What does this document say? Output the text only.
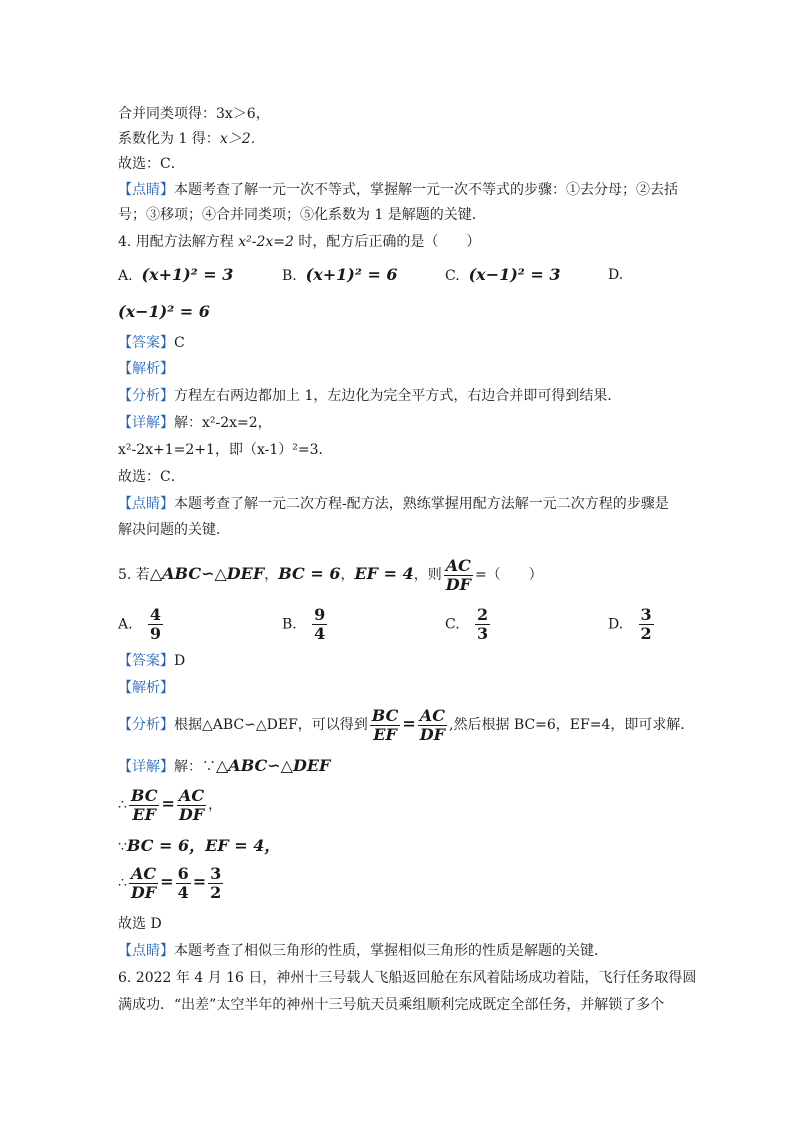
合并同类项得：3x＞6，
系数化为 1 得：x＞2．
故选：C．
【点睛】本题考查了解一元一次不等式，掌握解一元一次不等式的步骤：①去分母；②去括
号；③移项；④合并同类项；⑤化系数为 1 是解题的关键．
4. 用配方法解方程 x²-2x=2 时，配方后正确的是（　　）
A. (x+1)² = 3	B. (x+1)² = 6	C. (x−1)² = 3	D.
(x−1)² = 6
【答案】C
【解析】
【分析】方程左右两边都加上 1，左边化为完全平方式，右边合并即可得到结果．
【详解】解：x²-2x=2，
x²-2x+1=2+1，即（x-1）²=3．
故选：C．
【点睛】本题考查了解一元二次方程-配方法，熟练掌握用配方法解一元二次方程的步骤是
解决问题的关键．
5. 若△ABC∽△DEF，BC = 6，EF = 4，则 $\frac{AC}{DF}$ =（　　）
A. $\frac{4}{9}$	B. $\frac{9}{4}$	C. $\frac{2}{3}$	D. $\frac{3}{2}$
【答案】D
【解析】
【分析】根据△ABC∽△DEF，可以得到 $\frac{BC}{EF} = \frac{AC}{DF}$ ,然后根据 BC=6，EF=4，即可求解．
【详解】解：∵△ABC∽△DEF
∴ $\frac{BC}{EF} = \frac{AC}{DF}$ ，
∵BC = 6，EF = 4，
∴ $\frac{AC}{DF} = \frac{6}{4} = \frac{3}{2}$
故选 D
【点睛】本题考查了相似三角形的性质，掌握相似三角形的性质是解题的关键．
6. 2022 年 4 月 16 日，神州十三号载人飞船返回舱在东风着陆场成功着陆，飞行任务取得圆
满成功．“出差”太空半年的神州十三号航天员乘组顺利完成既定全部任务，并解锁了多个
